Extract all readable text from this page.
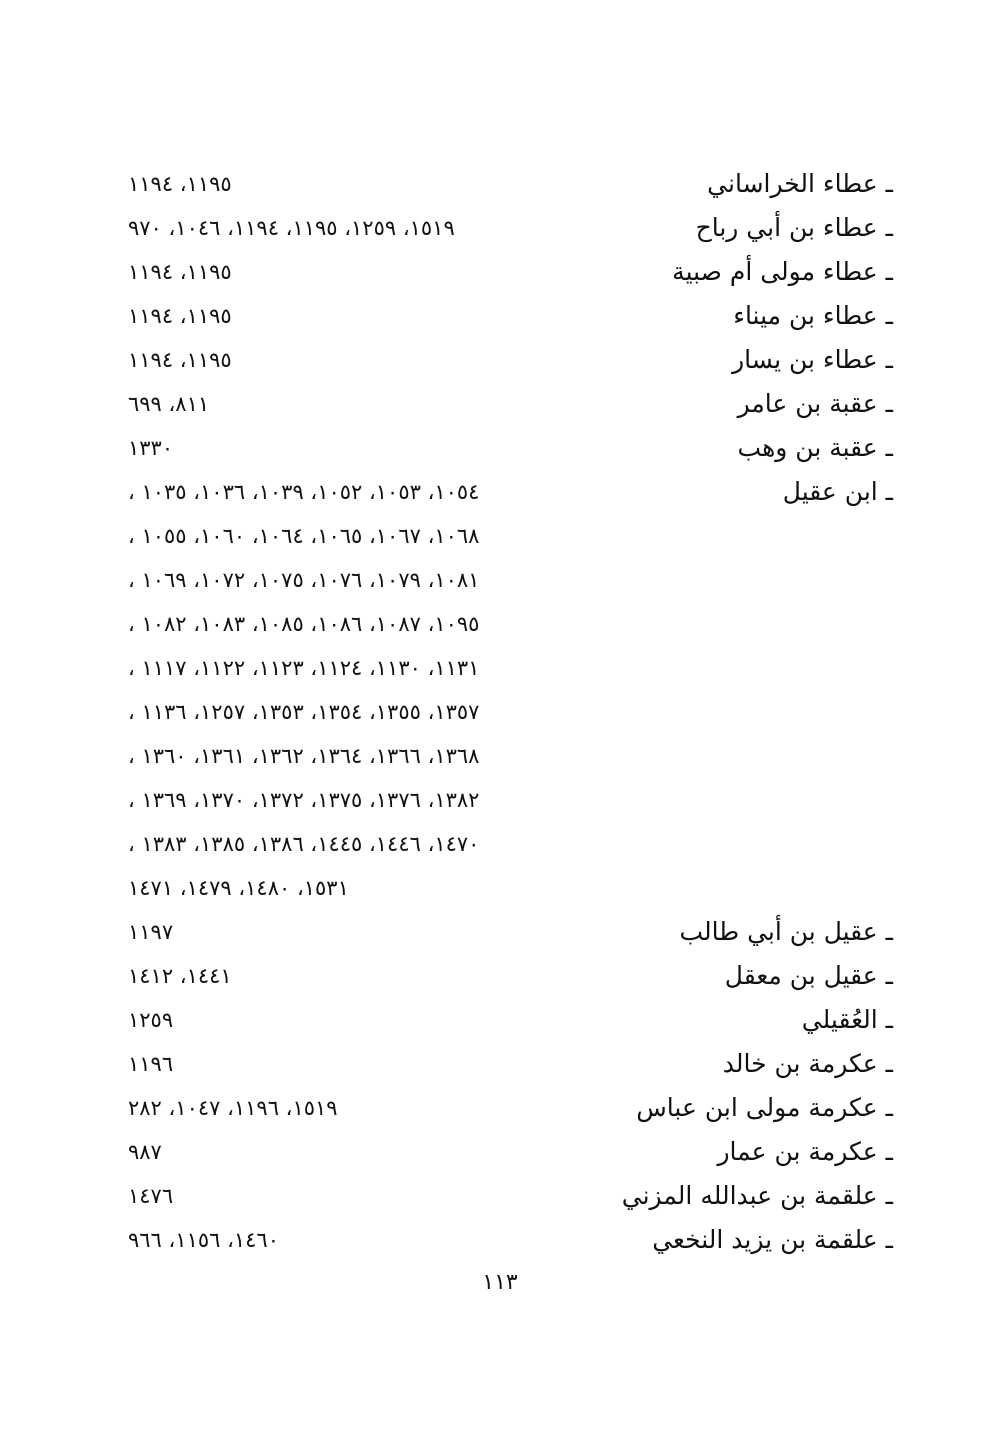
ـ عطاء الخراساني
١١٩٥، ١١٩٤
ـ عطاء بن أبي رباح
١٥١٩، ١٢٥٩، ١١٩٥، ١١٩٤، ١٠٤٦، ٩٧٠
ـ عطاء مولى أم صبية
١١٩٥، ١١٩٤
ـ عطاء بن ميناء
١١٩٥، ١١٩٤
ـ عطاء بن يسار
١١٩٥، ١١٩٤
ـ عقبة بن عامر
٨١١، ٦٩٩
ـ عقبة بن وهب
١٣٣٠
ـ ابن عقيل
، ١٠٥٤، ١٠٥٣، ١٠٥٢، ١٠٣٩، ١٠٣٦، ١٠٣٥
، ١٠٦٨، ١٠٦٧، ١٠٦٥، ١٠٦٤، ١٠٦٠، ١٠٥٥
، ١٠٨١، ١٠٧٩، ١٠٧٦، ١٠٧٥، ١٠٧٢، ١٠٦٩
، ١٠٩٥، ١٠٨٧، ١٠٨٦، ١٠٨٥، ١٠٨٣، ١٠٨٢
، ١١٣١، ١١٣٠، ١١٢٤، ١١٢٣، ١١٢٢، ١١١٧
، ١٣٥٧، ١٣٥٥، ١٣٥٤، ١٣٥٣، ١٢٥٧، ١١٣٦
، ١٣٦٨، ١٣٦٦، ١٣٦٤، ١٣٦٢، ١٣٦١، ١٣٦٠
، ١٣٨٢، ١٣٧٦، ١٣٧٥، ١٣٧٢، ١٣٧٠، ١٣٦٩
، ١٤٧٠، ١٤٤٦، ١٤٤٥، ١٣٨٦، ١٣٨٥، ١٣٨٣
١٥٣١، ١٤٨٠، ١٤٧٩، ١٤٧١
ـ عقيل بن أبي طالب
١١٩٧
ـ عقيل بن معقل
١٤٤١، ١٤١٢
ـ العُقيلي
١٢٥٩
ـ عكرمة بن خالد
١١٩٦
ـ عكرمة مولى ابن عباس
١٥١٩، ١١٩٦، ١٠٤٧، ٢٨٢
ـ عكرمة بن عمار
٩٨٧
ـ علقمة بن عبدالله المزني
١٤٧٦
ـ علقمة بن يزيد النخعي
١٤٦٠، ١١٥٦، ٩٦٦
١١٣
